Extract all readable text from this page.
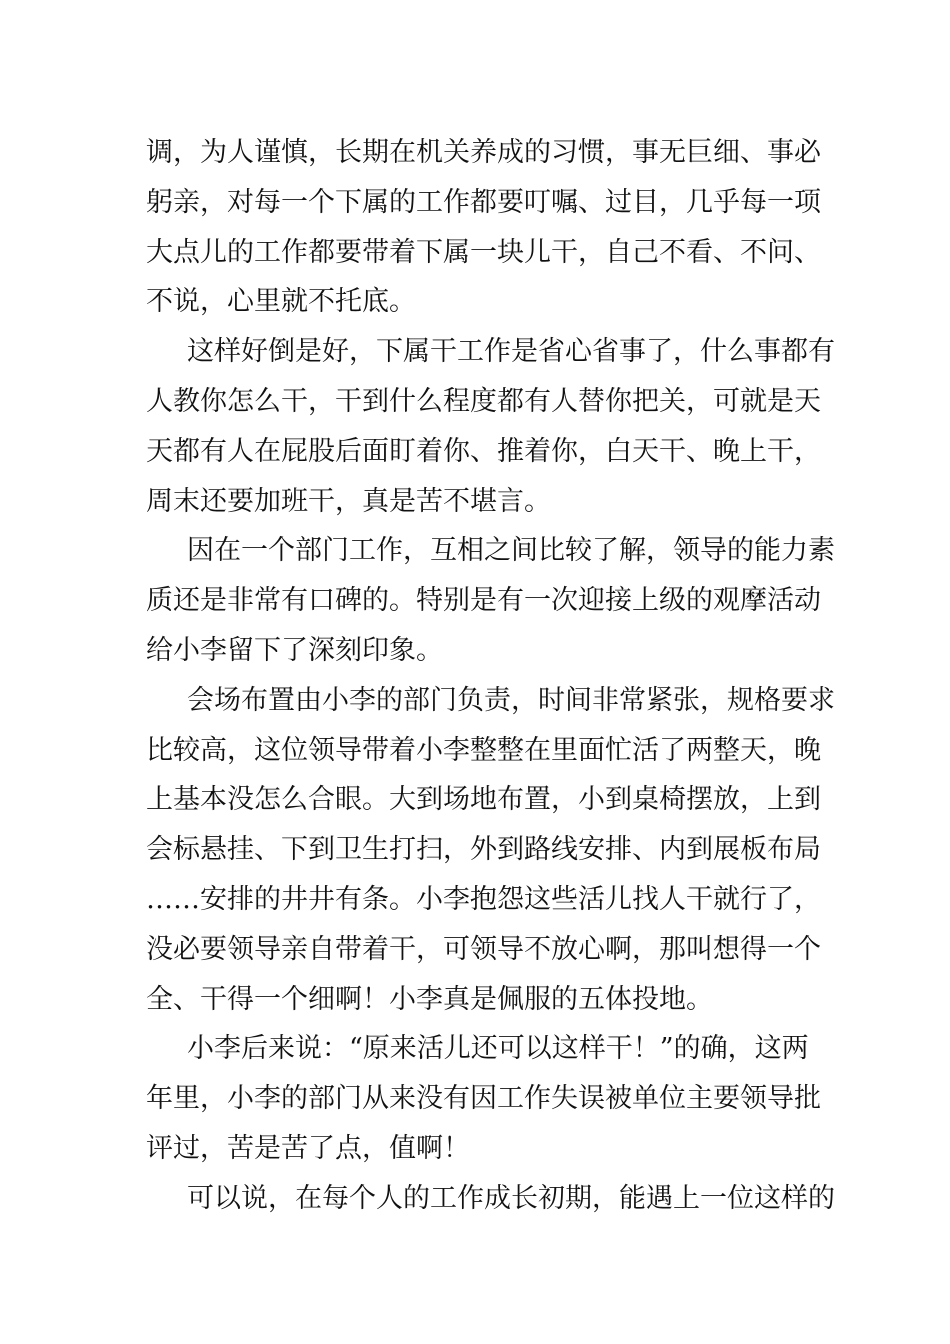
调，为人谨慎，长期在机关养成的习惯，事无巨细、事必

躬亲，对每一个下属的工作都要叮嘱、过目，几乎每一项

大点儿的工作都要带着下属一块儿干，自己不看、不问、

不说，心里就不托底。

这样好倒是好，下属干工作是省心省事了，什么事都有

人教你怎么干，干到什么程度都有人替你把关，可就是天

天都有人在屁股后面盯着你、推着你，白天干、晚上干，

周末还要加班干，真是苦不堪言。

因在一个部门工作，互相之间比较了解，领导的能力素

质还是非常有口碑的。特别是有一次迎接上级的观摩活动

给小李留下了深刻印象。

会场布置由小李的部门负责，时间非常紧张，规格要求

比较高，这位领导带着小李整整在里面忙活了两整天，晚

上基本没怎么合眼。大到场地布置，小到桌椅摆放，上到

会标悬挂、下到卫生打扫，外到路线安排、内到展板布局

……安排的井井有条。小李抱怨这些活儿找人干就行了，

没必要领导亲自带着干，可领导不放心啊，那叫想得一个

全、干得一个细啊！小李真是佩服的五体投地。

小李后来说：“原来活儿还可以这样干！”的确，这两

年里，小李的部门从来没有因工作失误被单位主要领导批

评过，苦是苦了点，值啊！

可以说，在每个人的工作成长初期，能遇上一位这样的
